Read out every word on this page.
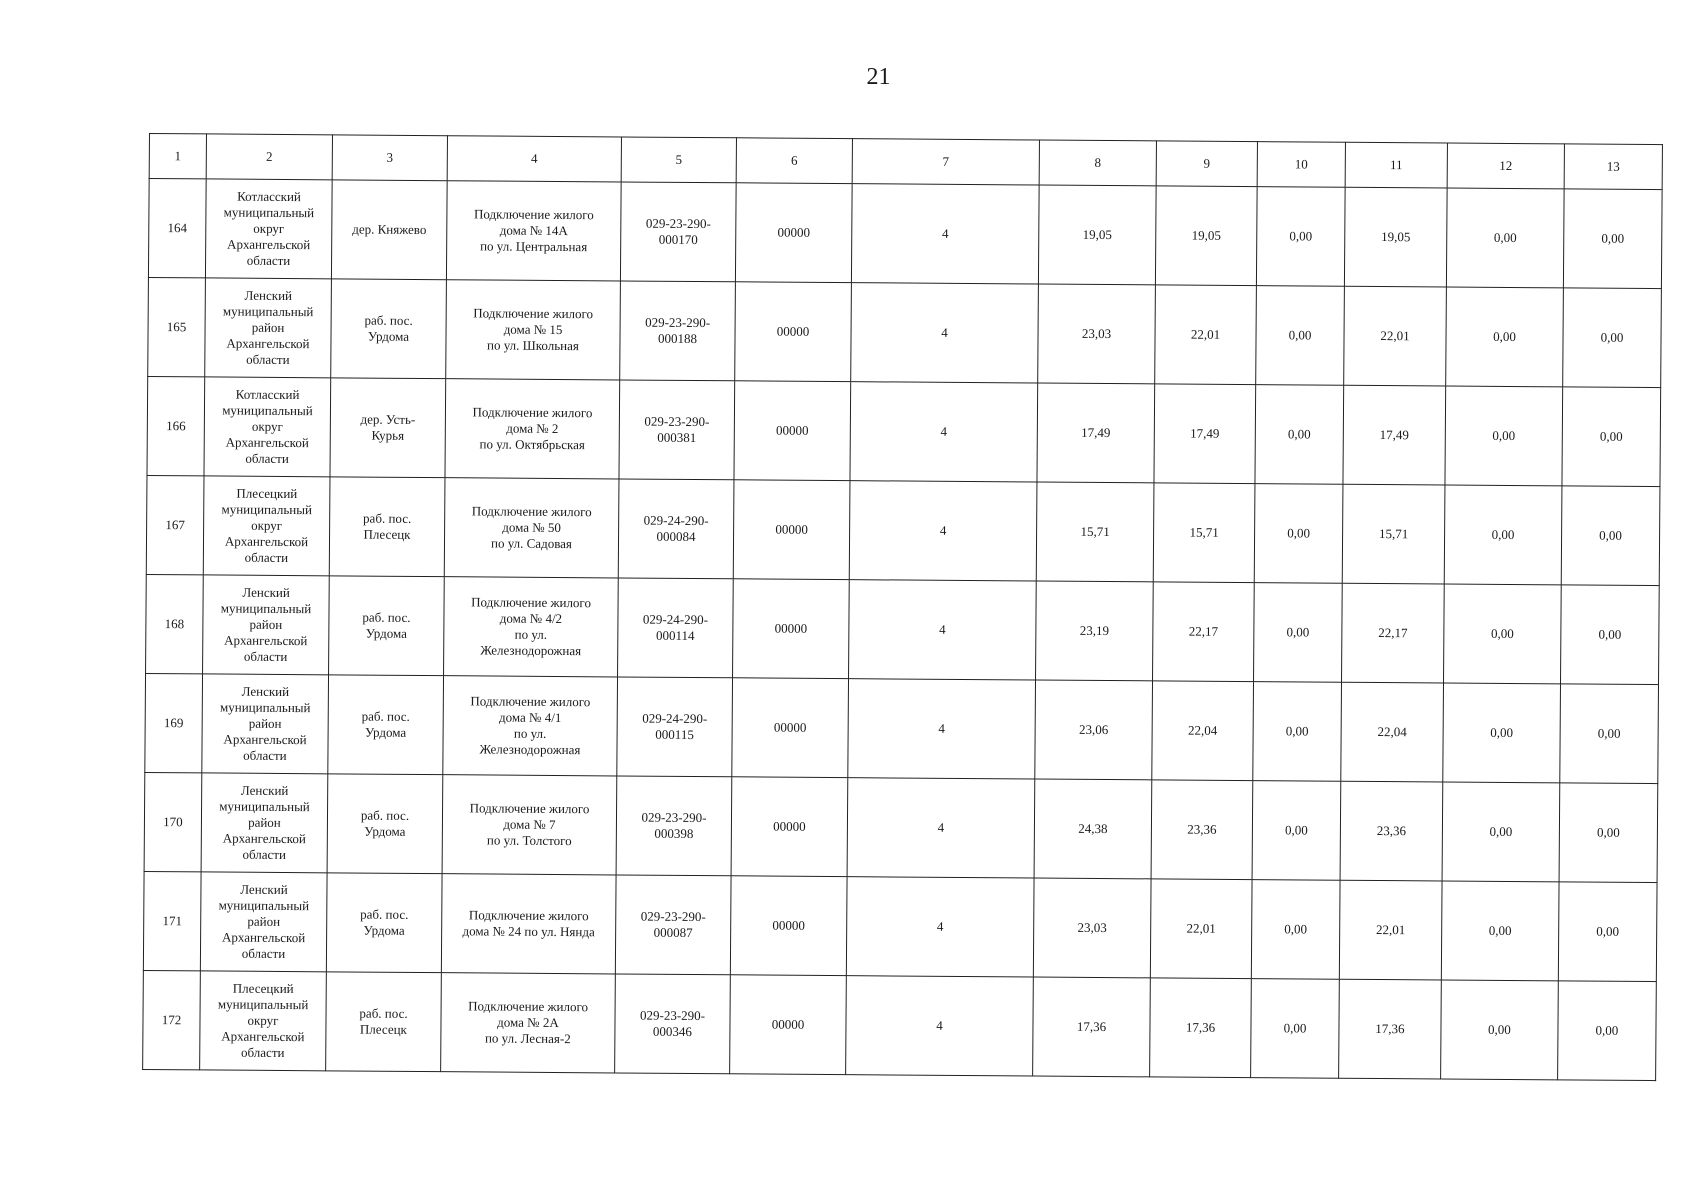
21
1	2	3	4	5	6	7	8	9	10	11	12	13
164	Котласский
муниципальный
округ
Архангельской
области	дер. Княжево	Подключение жилого
дома № 14А
по ул. Центральная	029-23-290-
000170	00000	4	19,05	19,05	0,00	19,05	0,00	0,00
165	Ленский
муниципальный
район
Архангельской
области	раб. пос.
Урдома	Подключение жилого
дома № 15
по ул. Школьная	029-23-290-
000188	00000	4	23,03	22,01	0,00	22,01	0,00	0,00
166	Котласский
муниципальный
округ
Архангельской
области	дер. Усть-
Курья	Подключение жилого
дома № 2
по ул. Октябрьская	029-23-290-
000381	00000	4	17,49	17,49	0,00	17,49	0,00	0,00
167	Плесецкий
муниципальный
округ
Архангельской
области	раб. пос.
Плесецк	Подключение жилого
дома № 50
по ул. Садовая	029-24-290-
000084	00000	4	15,71	15,71	0,00	15,71	0,00	0,00
168	Ленский
муниципальный
район
Архангельской
области	раб. пос.
Урдома	Подключение жилого
дома № 4/2
по ул.
Железнодорожная	029-24-290-
000114	00000	4	23,19	22,17	0,00	22,17	0,00	0,00
169	Ленский
муниципальный
район
Архангельской
области	раб. пос.
Урдома	Подключение жилого
дома № 4/1
по ул.
Железнодорожная	029-24-290-
000115	00000	4	23,06	22,04	0,00	22,04	0,00	0,00
170	Ленский
муниципальный
район
Архангельской
области	раб. пос.
Урдома	Подключение жилого
дома № 7
по ул. Толстого	029-23-290-
000398	00000	4	24,38	23,36	0,00	23,36	0,00	0,00
171	Ленский
муниципальный
район
Архангельской
области	раб. пос.
Урдома	Подключение жилого
дома № 24 по ул. Нянда	029-23-290-
000087	00000	4	23,03	22,01	0,00	22,01	0,00	0,00
172	Плесецкий
муниципальный
округ
Архангельской
области	раб. пос.
Плесецк	Подключение жилого
дома № 2А
по ул. Лесная-2	029-23-290-
000346	00000	4	17,36	17,36	0,00	17,36	0,00	0,00
